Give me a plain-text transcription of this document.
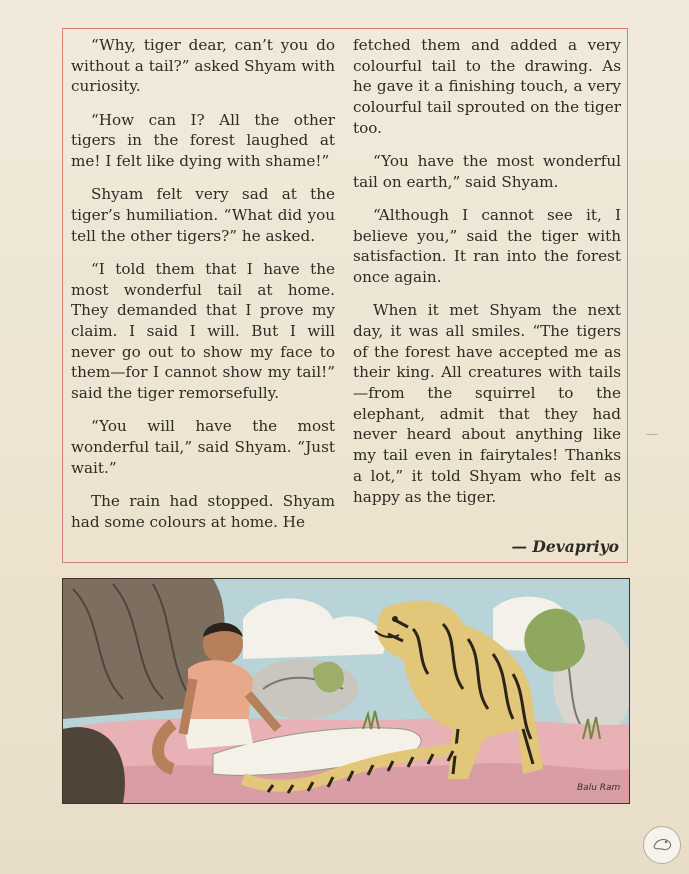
“Why, tiger dear, can’t you do without a tail?” asked Shyam with curiosity.

“How can I? All the other tigers in the forest laughed at me! I felt like dying with shame!”

Shyam felt very sad at the tiger’s humiliation. “What did you tell the other tigers?” he asked.

“I told them that I have the most wonderful tail at home. They demanded that I prove my claim. I said I will. But I will never go out to show my face to them—for I cannot show my tail!” said the tiger remorsefully.

“You will have the most wonderful tail,” said Shyam. “Just wait.”

The rain had stopped. Shyam had some colours at home. He

fetched them and added a very colourful tail to the drawing. As he gave it a finishing touch, a very colourful tail sprouted on the tiger too.

“You have the most wonderful tail on earth,” said Shyam.

“Although I cannot see it, I believe you,” said the tiger with satisfaction. It ran into the forest once again.

When it met Shyam the next day, it was all smiles. “The tigers of the forest have accepted me as their king. All creatures with tails—from the squirrel to the elephant, admit that they had never heard about anything like my tail even in fairytales! Thanks a lot,” it told Shyam who felt as happy as the tiger.

— Devapriyo
Balu Ram
